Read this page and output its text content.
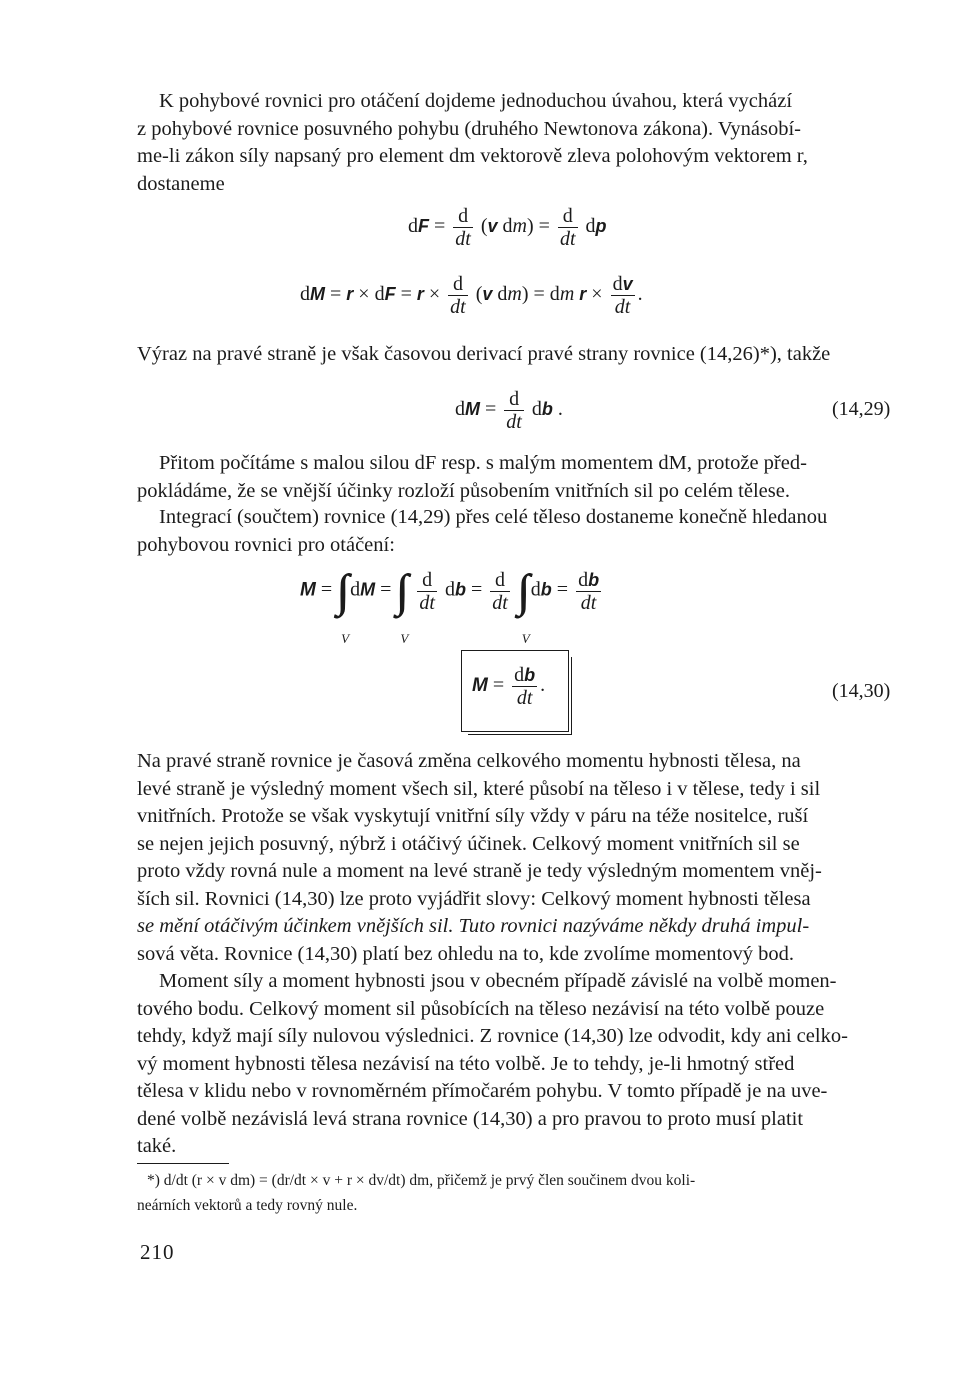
K pohybové rovnici pro otáčení dojdeme jednoduchou úvahou, která vychází
z pohybové rovnice posuvného pohybu (druhého Newtonova zákona). Vynásobí-
me-li zákon síly napsaný pro element dm vektorově zleva polohovým vektorem r,
dostaneme

dF = $\frac{d}{dt} (v$ $dm) = \frac{d}{dt}$ dp
dM = r × dF = $r \times \frac{d}{dt} (v$ dm) = dm $r \times \frac{dv}{dt}$ .

Výraz na pravé straně je však časovou derivací pravé strany rovnice (14,26)*), takže

dM = $\frac{d}{dt}$ db .	(14,29)

Přitom počítáme s malou silou dF resp. s malým momentem dM, protože před-
pokládáme, že se vnější účinky rozloží působením vnitřních sil po celém tělese.

Integrací (součtem) rovnice (14,29) přes celé těleso dostaneme konečně hledanou
pohybovou rovnici pro otáčení:

M =
V
dM =
V

$\frac{d}{dt}$ db = $\frac{d}{dt}$

V
db = $\frac{db}{dt}$
$M = \frac{db}{dt}$ .	(14,30)

Na pravé straně rovnice je časová změna celkového momentu hybnosti tělesa, na
levé straně je výsledný moment všech sil, které působí na těleso i v tělese, tedy i sil
vnitřních. Protože se však vyskytují vnitřní síly vždy v páru na téže nositelce, ruší
se nejen jejich posuvný, nýbrž i otáčivý účinek. Celkový moment vnitřních sil se
proto vždy rovná nule a moment na levé straně je tedy výsledným momentem vněj-
ších sil. Rovnici (14,30) lze proto vyjádřit slovy: Celkový moment hybnosti tělesa
se mění otáčivým účinkem vnějších sil. Tuto rovnici nazýváme někdy druhá impul-
sová věta. Rovnice (14,30) platí bez ohledu na to, kde zvolíme momentový bod.

Moment síly a moment hybnosti jsou v obecném případě závislé na volbě momen-
tového bodu. Celkový moment sil působících na těleso nezávisí na této volbě pouze
tehdy, když mají síly nulovou výslednici. Z rovnice (14,30) lze odvodit, kdy ani celko-
vý moment hybnosti tělesa nezávisí na této volbě. Je to tehdy, je-li hmotný střed
tělesa v klidu nebo v rovnoměrném přímočarém pohybu. V tomto případě je na uve-
dené volbě nezávislá levá strana rovnice (14,30) a pro pravou to proto musí platit
také.

*) d/dt (r × v dm) = (dr/dt × v + r × dv/dt) dm, přičemž je prvý člen součinem dvou koli-
neárních vektorů a tedy rovný nule.

210
